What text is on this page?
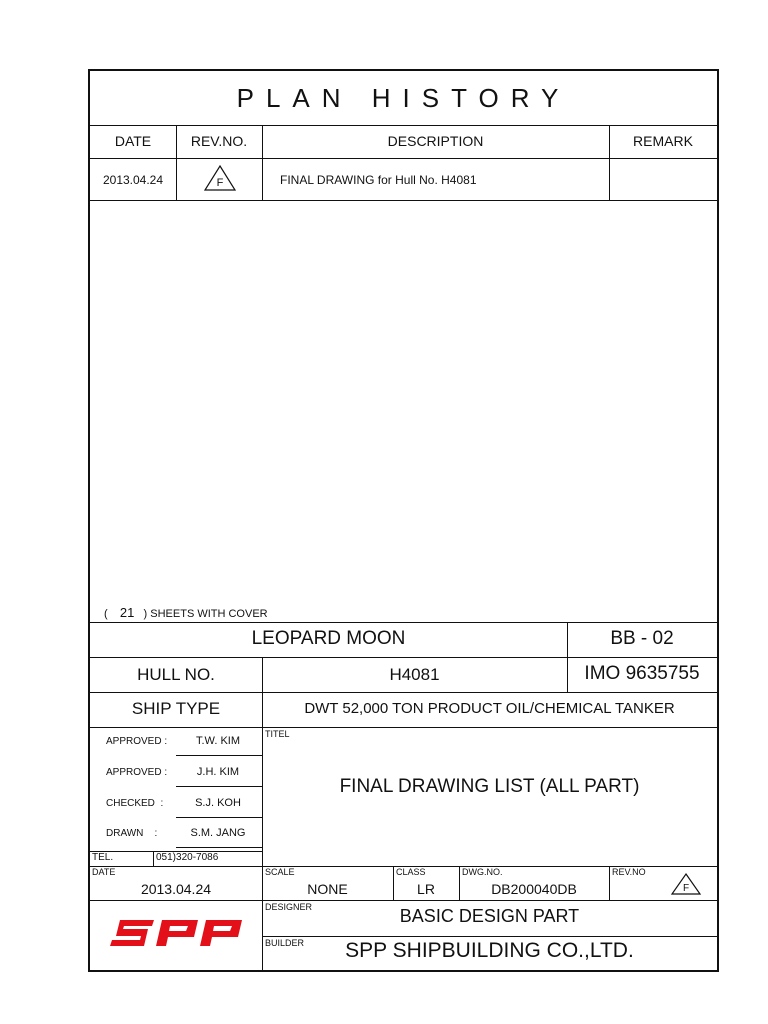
PLAN HISTORY
DATE	REV.NO.	DESCRIPTION	REMARK
2013.04.24	F	FINAL DRAWING for Hull No. H4081
( 21 ) SHEETS WITH COVER
LEOPARD MOON	BB - 02
HULL NO.	H4081	IMO 9635755
SHIP TYPE	DWT 52,000 TON PRODUCT OIL/CHEMICAL TANKER
APPROVED :	T.W. KIM
APPROVED :	J.H. KIM
CHECKED  :	S.J. KOH
DRAWN    :	S.M. JANG
TEL.	051)320-7086
TITEL
FINAL DRAWING LIST (ALL PART)
DATE
2013.04.24
SCALE
NONE
CLASS
LR
DWG.NO.
DB200040DB
REV.NO
F
DESIGNER	BASIC DESIGN PART
BUILDER	SPP SHIPBUILDING CO.,LTD.
